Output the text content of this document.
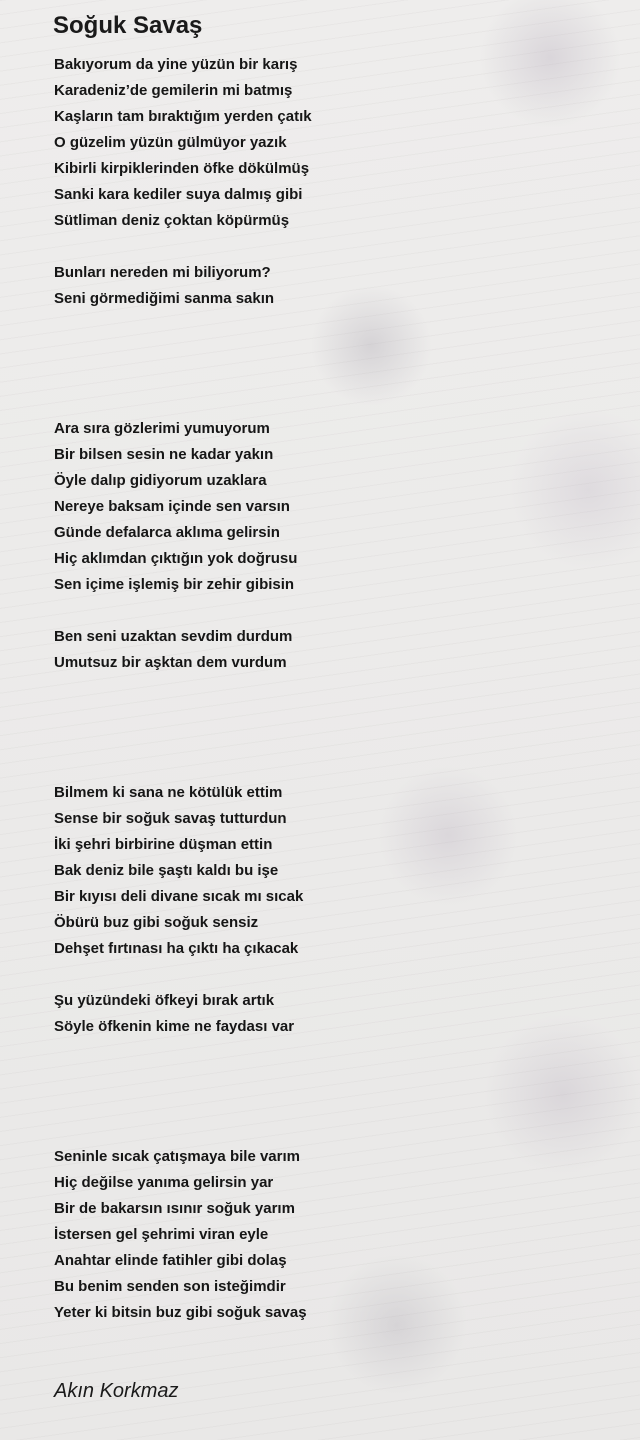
Soğuk Savaş
Bakıyorum da yine yüzün bir karış
Karadeniz’de gemilerin mi batmış
Kaşların tam bıraktığım yerden çatık
O güzelim yüzün gülmüyor yazık
Kibirli kirpiklerinden öfke dökülmüş
Sanki kara kediler suya dalmış gibi
Sütliman deniz çoktan köpürmüş
Bunları nereden mi biliyorum?
Seni görmediğimi sanma sakın
Ara sıra gözlerimi yumuyorum
Bir bilsen sesin ne kadar yakın
Öyle dalıp gidiyorum uzaklara
Nereye baksam içinde sen varsın
Günde defalarca aklıma gelirsin
Hiç aklımdan çıktığın yok doğrusu
Sen içime işlemiş bir zehir gibisin
Ben seni uzaktan sevdim durdum
Umutsuz bir aşktan dem vurdum
Bilmem ki sana ne kötülük ettim
Sense bir soğuk savaş tutturdun
İki şehri birbirine düşman ettin
Bak deniz bile şaştı kaldı bu işe
Bir kıyısı deli divane sıcak mı sıcak
Öbürü buz gibi soğuk sensiz
Dehşet fırtınası ha çıktı ha çıkacak
Şu yüzündeki öfkeyi bırak artık
Söyle öfkenin kime ne faydası var
Seninle sıcak çatışmaya bile varım
Hiç değilse yanıma gelirsin yar
Bir de bakarsın ısınır soğuk yarım
İstersen gel şehrimi viran eyle
Anahtar elinde fatihler gibi dolaş
Bu benim senden son isteğimdir
Yeter ki bitsin buz gibi soğuk savaş
Akın Korkmaz
